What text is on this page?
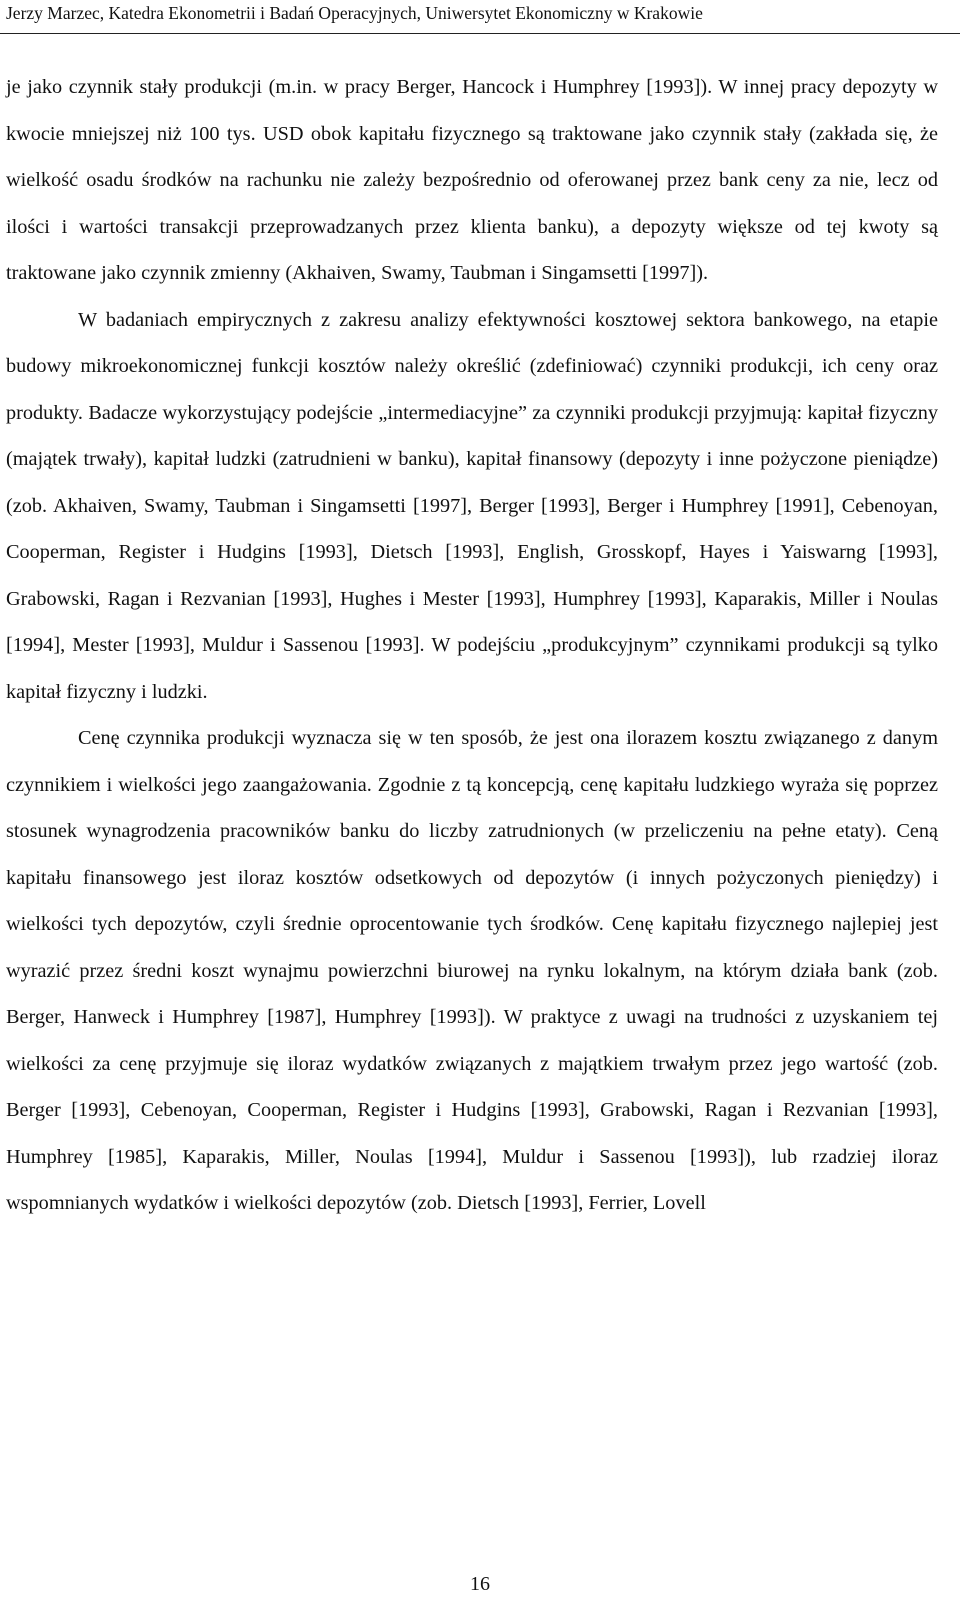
Jerzy Marzec, Katedra Ekonometrii i Badań Operacyjnych, Uniwersytet Ekonomiczny w Krakowie

je jako czynnik stały produkcji (m.in. w pracy Berger, Hancock i Humphrey [1993]). W innej pracy depozyty w kwocie mniejszej niż 100 tys. USD obok kapitału fizycznego są traktowane jako czynnik stały (zakłada się, że wielkość osadu środków na rachunku nie zależy bezpośrednio od oferowanej przez bank ceny za nie, lecz od ilości i wartości transakcji przeprowadzanych przez klienta banku), a depozyty większe od tej kwoty są traktowane jako czynnik zmienny (Akhaiven, Swamy, Taubman i Singamsetti [1997]).

W badaniach empirycznych z zakresu analizy efektywności kosztowej sektora bankowego, na etapie budowy mikroekonomicznej funkcji kosztów należy określić (zdefiniować) czynniki produkcji, ich ceny oraz produkty. Badacze wykorzystujący podejście „intermediacyjne” za czynniki produkcji przyjmują: kapitał fizyczny (majątek trwały), kapitał ludzki (zatrudnieni w banku), kapitał finansowy (depozyty i inne pożyczone pieniądze) (zob. Akhaiven, Swamy, Taubman i Singamsetti [1997], Berger [1993], Berger i Humphrey [1991], Cebenoyan, Cooperman, Register i Hudgins [1993], Dietsch [1993], English, Grosskopf, Hayes i Yaiswarng [1993], Grabowski, Ragan i Rezvanian [1993], Hughes i Mester [1993], Humphrey [1993], Kaparakis, Miller i Noulas [1994], Mester [1993], Muldur i Sassenou [1993]. W podejściu „produkcyjnym” czynnikami produkcji są tylko kapitał fizyczny i ludzki.

Cenę czynnika produkcji wyznacza się w ten sposób, że jest ona ilorazem kosztu związanego z danym czynnikiem i wielkości jego zaangażowania. Zgodnie z tą koncepcją, cenę kapitału ludzkiego wyraża się poprzez stosunek wynagrodzenia pracowników banku do liczby zatrudnionych (w przeliczeniu na pełne etaty). Ceną kapitału finansowego jest iloraz kosztów odsetkowych od depozytów (i innych pożyczonych pieniędzy) i wielkości tych depozytów, czyli średnie oprocentowanie tych środków. Cenę kapitału fizycznego najlepiej jest wyrazić przez średni koszt wynajmu powierzchni biurowej na rynku lokalnym, na którym działa bank (zob. Berger, Hanweck i Humphrey [1987], Humphrey [1993]). W praktyce z uwagi na trudności z uzyskaniem tej wielkości za cenę przyjmuje się iloraz wydatków związanych z majątkiem trwałym przez jego wartość (zob. Berger [1993], Cebenoyan, Cooperman, Register i Hudgins [1993], Grabowski, Ragan i Rezvanian [1993], Humphrey [1985], Kaparakis, Miller, Noulas [1994], Muldur i Sassenou [1993]), lub rzadziej iloraz wspomnianych wydatków i wielkości depozytów (zob. Dietsch [1993], Ferrier, Lovell

16
